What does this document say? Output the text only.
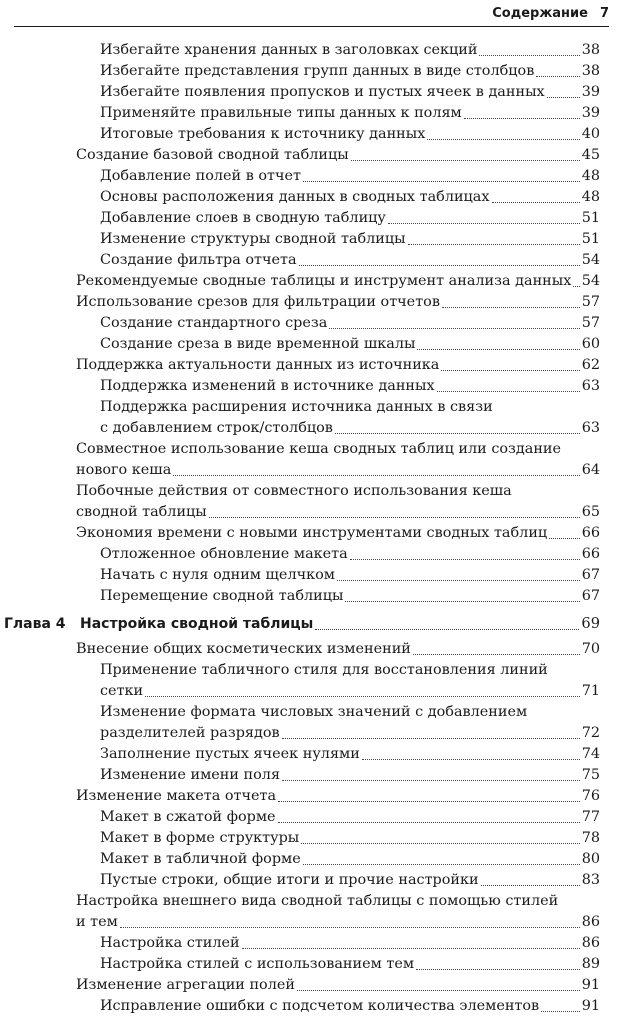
Содержание 7
Избегайте хранения данных в заголовках секций	38
Избегайте представления групп данных в виде столбцов	38
Избегайте появления пропусков и пустых ячеек в данных	39
Применяйте правильные типы данных к полям	39
Итоговые требования к источнику данных	40
Создание базовой сводной таблицы	45
Добавление полей в отчет	48
Основы расположения данных в сводных таблицах	48
Добавление слоев в сводную таблицу	51
Изменение структуры сводной таблицы	51
Создание фильтра отчета	54
Рекомендуемые сводные таблицы и инструмент анализа данных 54
Использование срезов для фильтрации отчетов	57
Создание стандартного среза	57
Создание среза в виде временной шкалы	60
Поддержка актуальности данных из источника	62
Поддержка изменений в источнике данных	63
Поддержка расширения источника данных в связи
с добавлением строк/столбцов	63
Совместное использование кеша сводных таблиц или создание
нового кеша	64
Побочные действия от совместного использования кеша
сводной таблицы	65
Экономия времени с новыми инструментами сводных таблиц 66
Отложенное обновление макета	66
Начать с нуля одним щелчком	67
Перемещение сводной таблицы	67
Глава 4	Настройка сводной таблицы	69
Внесение общих косметических изменений	70
Применение табличного стиля для восстановления линий
сетки	71
Изменение формата числовых значений с добавлением
разделителей разрядов	72
Заполнение пустых ячеек нулями	74
Изменение имени поля	75
Изменение макета отчета	76
Макет в сжатой форме	77
Макет в форме структуры	78
Макет в табличной форме	80
Пустые строки, общие итоги и прочие настройки	83
Настройка внешнего вида сводной таблицы с помощью стилей
и тем	86
Настройка стилей	86
Настройка стилей с использованием тем	89
Изменение агрегации полей	91
Исправление ошибки с подсчетом количества элементов	91
